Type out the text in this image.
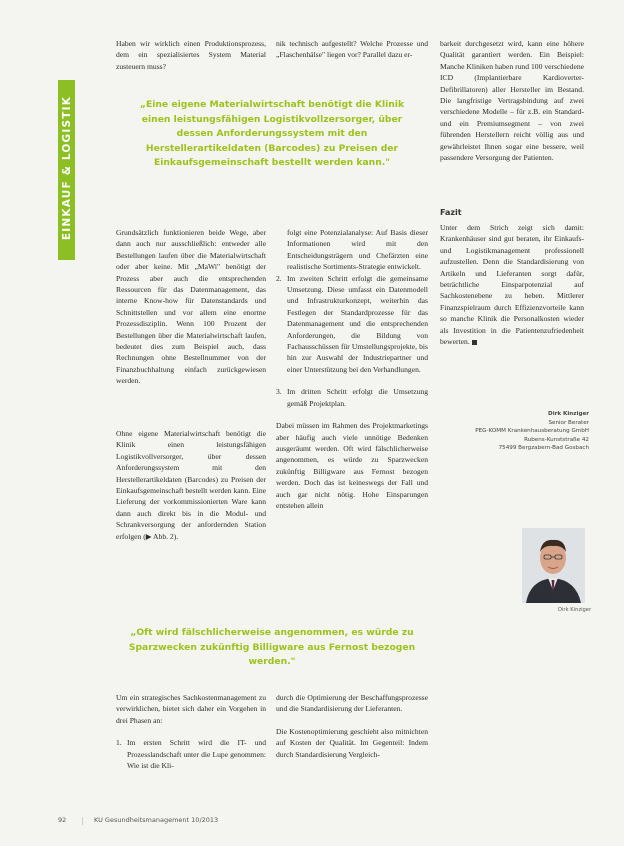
EINKAUF & LOGISTIK
Haben wir wirklich einen Produktionsprozess, dem ein spezialisiertes System Material zusteuern muss?
nik technisch aufgestellt? Welche Prozesse und „Flaschenhälse" liegen vor? Parallel dazu er-
„Eine eigene Materialwirtschaft benötigt die Klinik einen leistungsfähigen Logistikvollzersorger, über dessen Anforderungssystem mit den Herstellerartikeldaten (Barcodes) zu Preisen der Einkaufsgemeinschaft bestellt werden kann."
barkeit durchgesetzt wird, kann eine höhere Qualität garantiert werden. Ein Beispiel: Manche Kliniken haben rund 100 verschiedene ICD (Implantierbare Kardioverter-Defibrillatoren) aller Hersteller im Bestand. Die langfristige Vertragsbindung auf zwei verschiedene Modelle – für z.B. ein Standard- und ein Premiumsegment – von zwei führenden Herstellern reicht völlig aus und gewährleistet Ihnen sogar eine bessere, weil passendere Versorgung der Patienten.
Fazit
Unter dem Strich zeigt sich damit: Krankenhäuser sind gut beraten, ihr Einkaufs- und Logistikmanagement professionell aufzustellen. Denn die Standardisierung von Artikeln und Lieferanten sorgt dafür, beträchtliche Einsparpotenzial auf Sachkostenebene zu heben. Mittlerer Finanzspielraum durch Effizienzvorteile kann so manche Klinik die Personalkosten wieder als Investition in die Patientenzufriedenheit bewerten.
Dirk Kinziger
Senior Berater
PEG-KOMM Krankenhausberatung GmbH
Rubens-Kunststraße 42
75499 Bergzabern-Bad Gosbach
Dirk Kinziger
Grundsätzlich funktionieren beide Wege, aber dann auch nur ausschließlich: entweder alle Bestellungen laufen über die Materialwirtschaft oder aber keine. Mit „MaWi" benötigt der Prozess aber auch die entsprechenden Ressourcen für das Datenmanagement, das interne Know-how für Datenstandards und Schnittstellen und vor allem eine enorme Prozessdisziplin. Wenn 100 Prozent der Bestellungen über die Materialwirtschaft laufen, bedeutet dies zum Beispiel auch, dass Rechnungen ohne Bestellnummer von der Finanzbuchhaltung einfach zurückgewiesen werden.
Ohne eigene Materialwirtschaft benötigt die Klinik einen leistungsfähigen Logistikvollversorger, über dessen Anforderungssystem mit den Herstellerartikeldaten (Barcodes) zu Preisen der Einkaufsgemeinschaft bestellt werden kann. Eine Lieferung der vorkommissionierten Ware kann dann auch direkt bis in die Modul- und Schrankversorgung der anfordernden Station erfolgen (▶ Abb. 2).

folgt eine Potenzialanalyse: Auf Basis dieser Informationen wird mit den Entscheidungsträgern und Chefärzten eine realistische Sortiments-Strategie entwickelt.

2. Im zweiten Schritt erfolgt die gemeinsame Umsetzung. Diese umfasst ein Datenmodell und Infrastrukturkonzept, weiterhin das Festlegen der Standardprozesse für das Datenmanagement und die entsprechenden Anforderungen, die Bildung von Fachausschüssen für Umstellungsprojekte, bis hin zur Auswahl der Industriepartner und einer Unterstützung bei den Verhandlungen.
3. Im dritten Schritt erfolgt die Umsetzung gemäß Projektplan.

Dabei müssen im Rahmen des Projektmarketings aber häufig auch viele unnötige Bedenken ausgeräumt werden. Oft wird fälschlicherweise angenommen, es würde zu Sparzwecken zukünftig Billigware aus Fernost bezogen werden. Doch das ist keineswegs der Fall und auch gar nicht nötig. Hohe Einsparungen entstehen allein

„Oft wird fälschlicherweise angenommen, es würde zu Sparzwecken zukünftig Billigware aus Fernost bezogen werden."

Um ein strategisches Sachkostenmanagement zu verwirklichen, bietet sich daher ein Vorgehen in drei Phasen an:

1. Im ersten Schritt wird die IT- und Prozesslandschaft unter die Lupe genommen: Wie ist die Kli-

durch die Optimierung der Beschaffungsprozesse und die Standardisierung der Lieferanten.

Die Kostenoptimierung geschieht also mitnichten auf Kosten der Qualität. Im Gegenteil: Indem durch Standardisierung Vergleich-

92	KU Gesundheitsmanagement 10/2013
